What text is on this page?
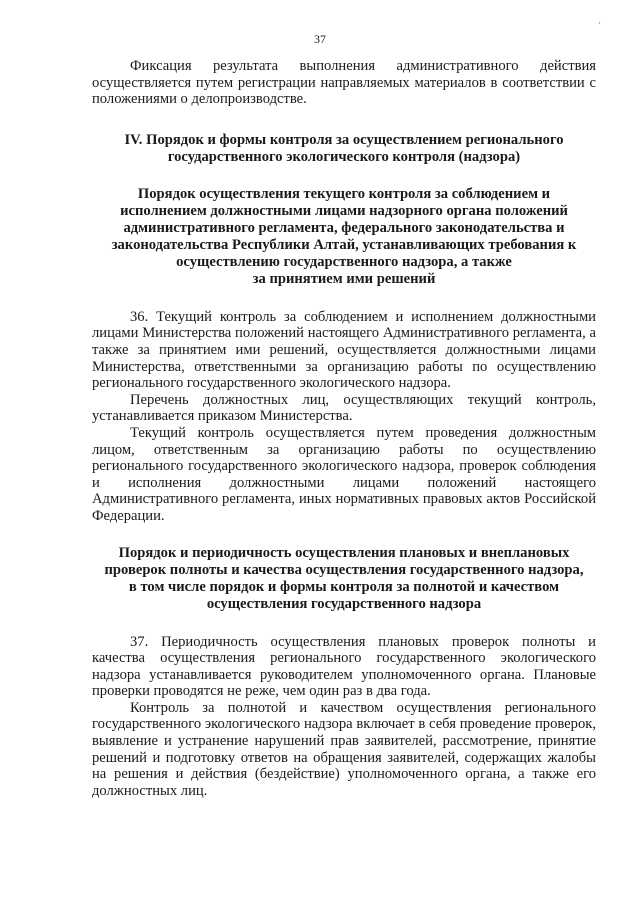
·
37

Фиксация результата выполнения административного действия осуществляется путем регистрации направляемых материалов в соответствии с положениями о делопроизводстве.

IV. Порядок и формы контроля за осуществлением регионального
государственного экологического контроля (надзора)
Порядок осуществления текущего контроля за соблюдением и
исполнением должностными лицами надзорного органа положений
административного регламента, федерального законодательства и
законодательства Республики Алтай, устанавливающих требования к
осуществлению государственного надзора, а также
за принятием ими решений

36. Текущий контроль за соблюдением и исполнением должностными лицами Министерства положений настоящего Административного регламента, а также за принятием ими решений, осуществляется должностными лицами Министерства, ответственными за организацию работы по осуществлению регионального государственного экологического надзора.

Перечень должностных лиц, осуществляющих текущий контроль, устанавливается приказом Министерства.

Текущий контроль осуществляется путем проведения должностным лицом, ответственным за организацию работы по осуществлению регионального государственного экологического надзора, проверок соблюдения и исполнения должностными лицами положений настоящего Административного регламента, иных нормативных правовых актов Российской Федерации.

Порядок и периодичность осуществления плановых и внеплановых
проверок полноты и качества осуществления государственного надзора,
в том числе порядок и формы контроля за полнотой и качеством
осуществления государственного надзора

37. Периодичность осуществления плановых проверок полноты и качества осуществления регионального государственного экологического надзора устанавливается руководителем уполномоченного органа. Плановые проверки проводятся не реже, чем один раз в два года.

Контроль за полнотой и качеством осуществления регионального государственного экологического надзора включает в себя проведение проверок, выявление и устранение нарушений прав заявителей, рассмотрение, принятие решений и подготовку ответов на обращения заявителей, содержащих жалобы на решения и действия (бездействие) уполномоченного органа, а также его должностных лиц.
